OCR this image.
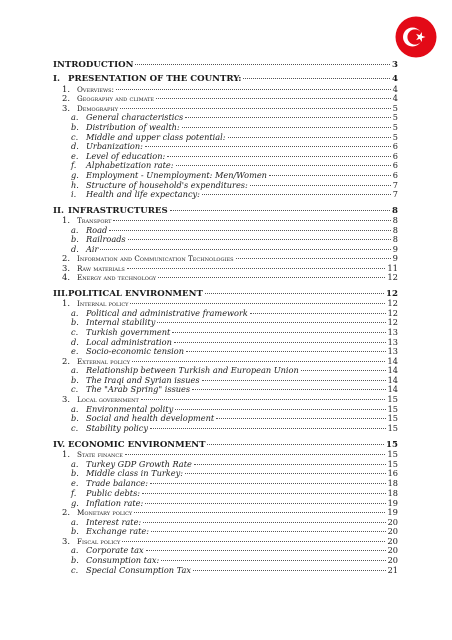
INTRODUCTION	3
I. PRESENTATION OF THE COUNTRY:	4
1. Overviews:	4
2. Geography and climate	4
3. Demography	5
a. General characteristics	5
b. Distribution of wealth:	5
c. Middle and upper class potential:	5
d. Urbanization:	6
e. Level of education:	6
f.	Alphabetization rate:	6
g. Employment - Unemployment: Men/Women	6
h. Structure of household's expenditures:	7
i.	Health and life expectancy:	7
II. INFRASTRUCTURES	8
1. Transport	8
a. Road	8
b. Railroads	8
d. Air	9
2. Information and Communication Technologies	9
3. Raw materials	11
4. Energy and technology	12
III. POLITICAL ENVIRONMENT	12
1. Internal policy	12
a. Political and administrative framework	12
b. Internal stability	12
c. Turkish government	13
d. Local administration	13
e. Socio-economic tension	13
2. External policy	14
a. Relationship between Turkish and European Union	14
b. The Iraqi and Syrian issues	14
c. The "Arab Spring" issues	14
3. Local government	15
a. Environmental polity	15
b. Social and health development	15
c. Stability policy	15
IV. ECONOMIC ENVIRONMENT	15
1. State finance	15
a. Turkey GDP Growth Rate	15
b. Middle class in Turkey:	16
e. Trade balance:	18
f.	Public debts:	18
g. Inflation rate:	19
2. Monetary policy	19
a. Interest rate:	20
b. Exchange rate:	20
3. Fiscal policy	20
a. Corporate tax	20
b. Consumption tax:	20
c. Special Consumption Tax	21
